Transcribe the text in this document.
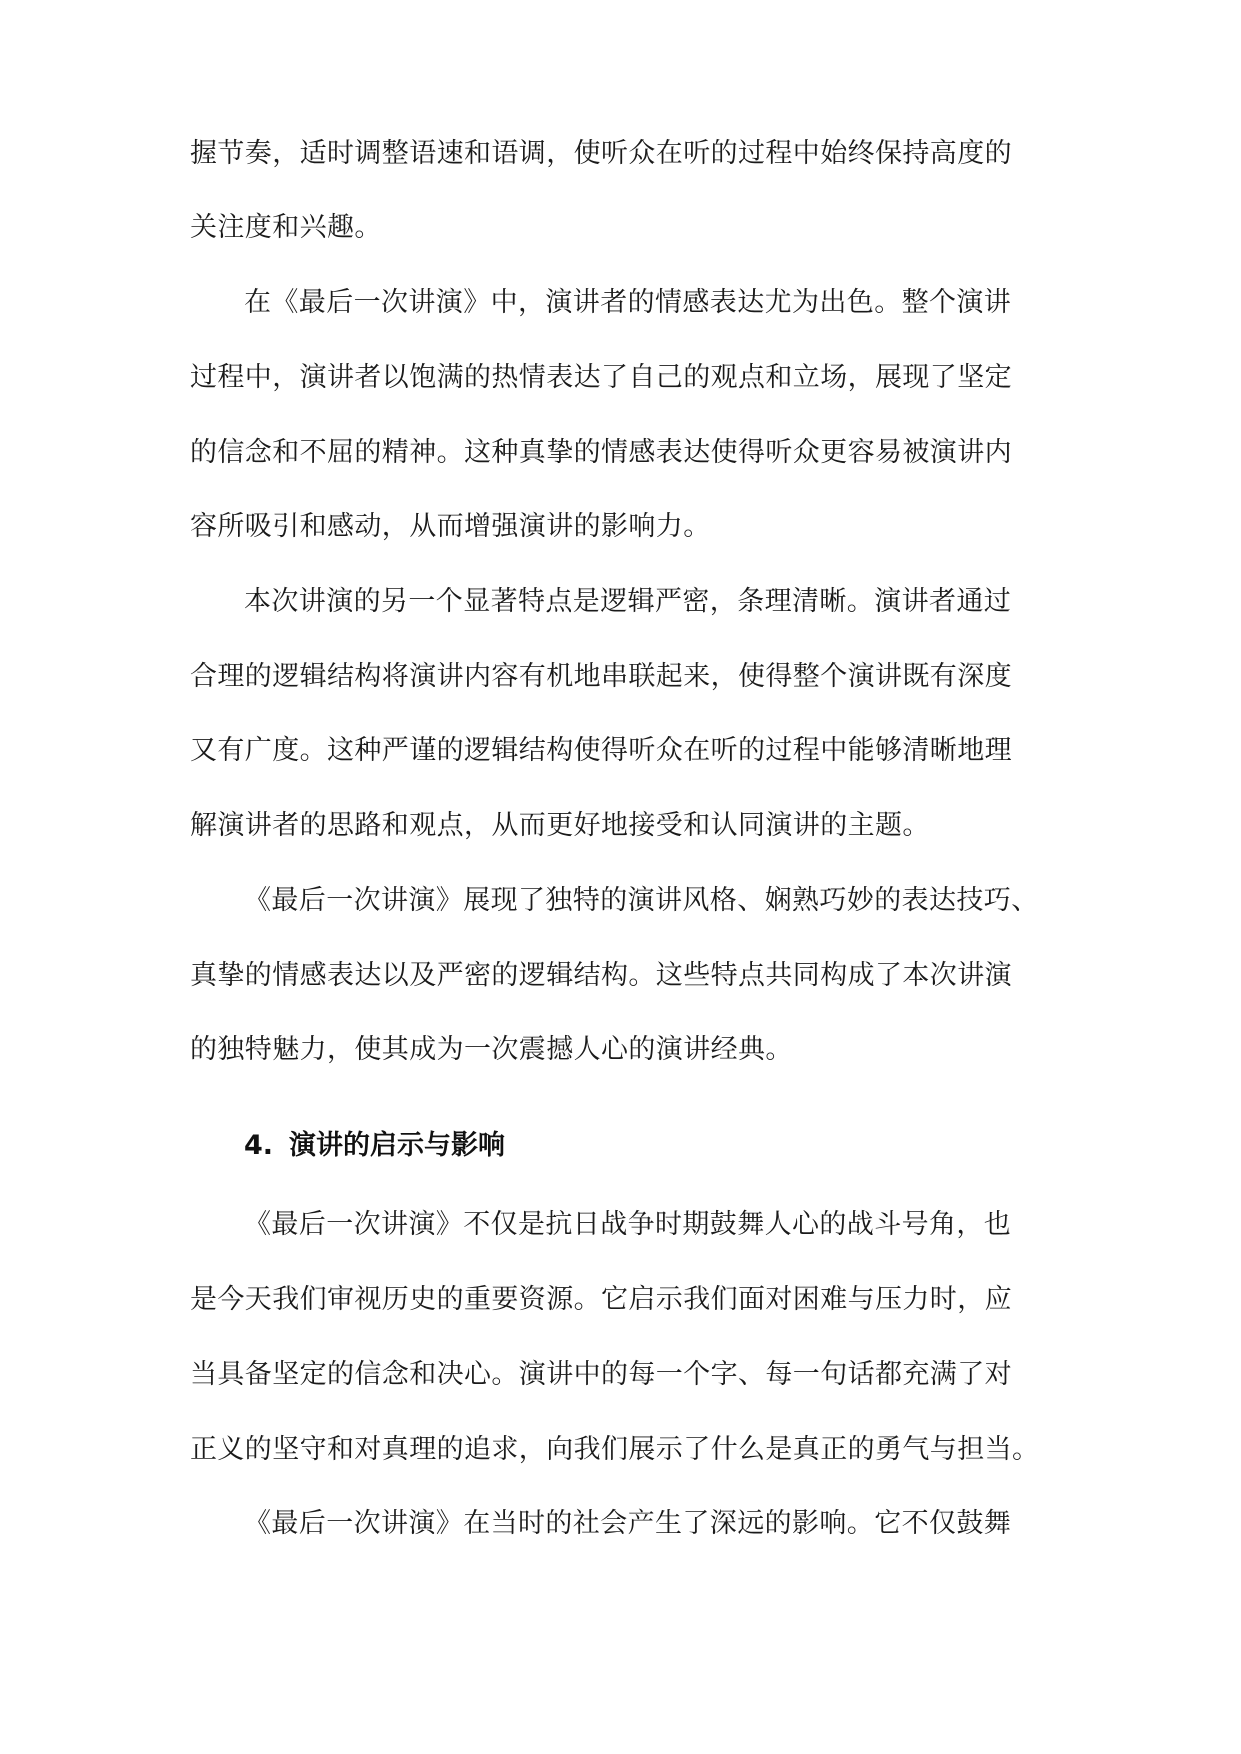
握节奏，适时调整语速和语调，使听众在听的过程中始终保持高度的
关注度和兴趣。
在《最后一次讲演》中，演讲者的情感表达尤为出色。整个演讲
过程中，演讲者以饱满的热情表达了自己的观点和立场，展现了坚定
的信念和不屈的精神。这种真挚的情感表达使得听众更容易被演讲内
容所吸引和感动，从而增强演讲的影响力。
本次讲演的另一个显著特点是逻辑严密，条理清晰。演讲者通过
合理的逻辑结构将演讲内容有机地串联起来，使得整个演讲既有深度
又有广度。这种严谨的逻辑结构使得听众在听的过程中能够清晰地理
解演讲者的思路和观点，从而更好地接受和认同演讲的主题。
《最后一次讲演》展现了独特的演讲风格、娴熟巧妙的表达技巧、
真挚的情感表达以及严密的逻辑结构。这些特点共同构成了本次讲演
的独特魅力，使其成为一次震撼人心的演讲经典。
4. 演讲的启示与影响
《最后一次讲演》不仅是抗日战争时期鼓舞人心的战斗号角，也
是今天我们审视历史的重要资源。它启示我们面对困难与压力时，应
当具备坚定的信念和决心。演讲中的每一个字、每一句话都充满了对
正义的坚守和对真理的追求，向我们展示了什么是真正的勇气与担当。
《最后一次讲演》在当时的社会产生了深远的影响。它不仅鼓舞
